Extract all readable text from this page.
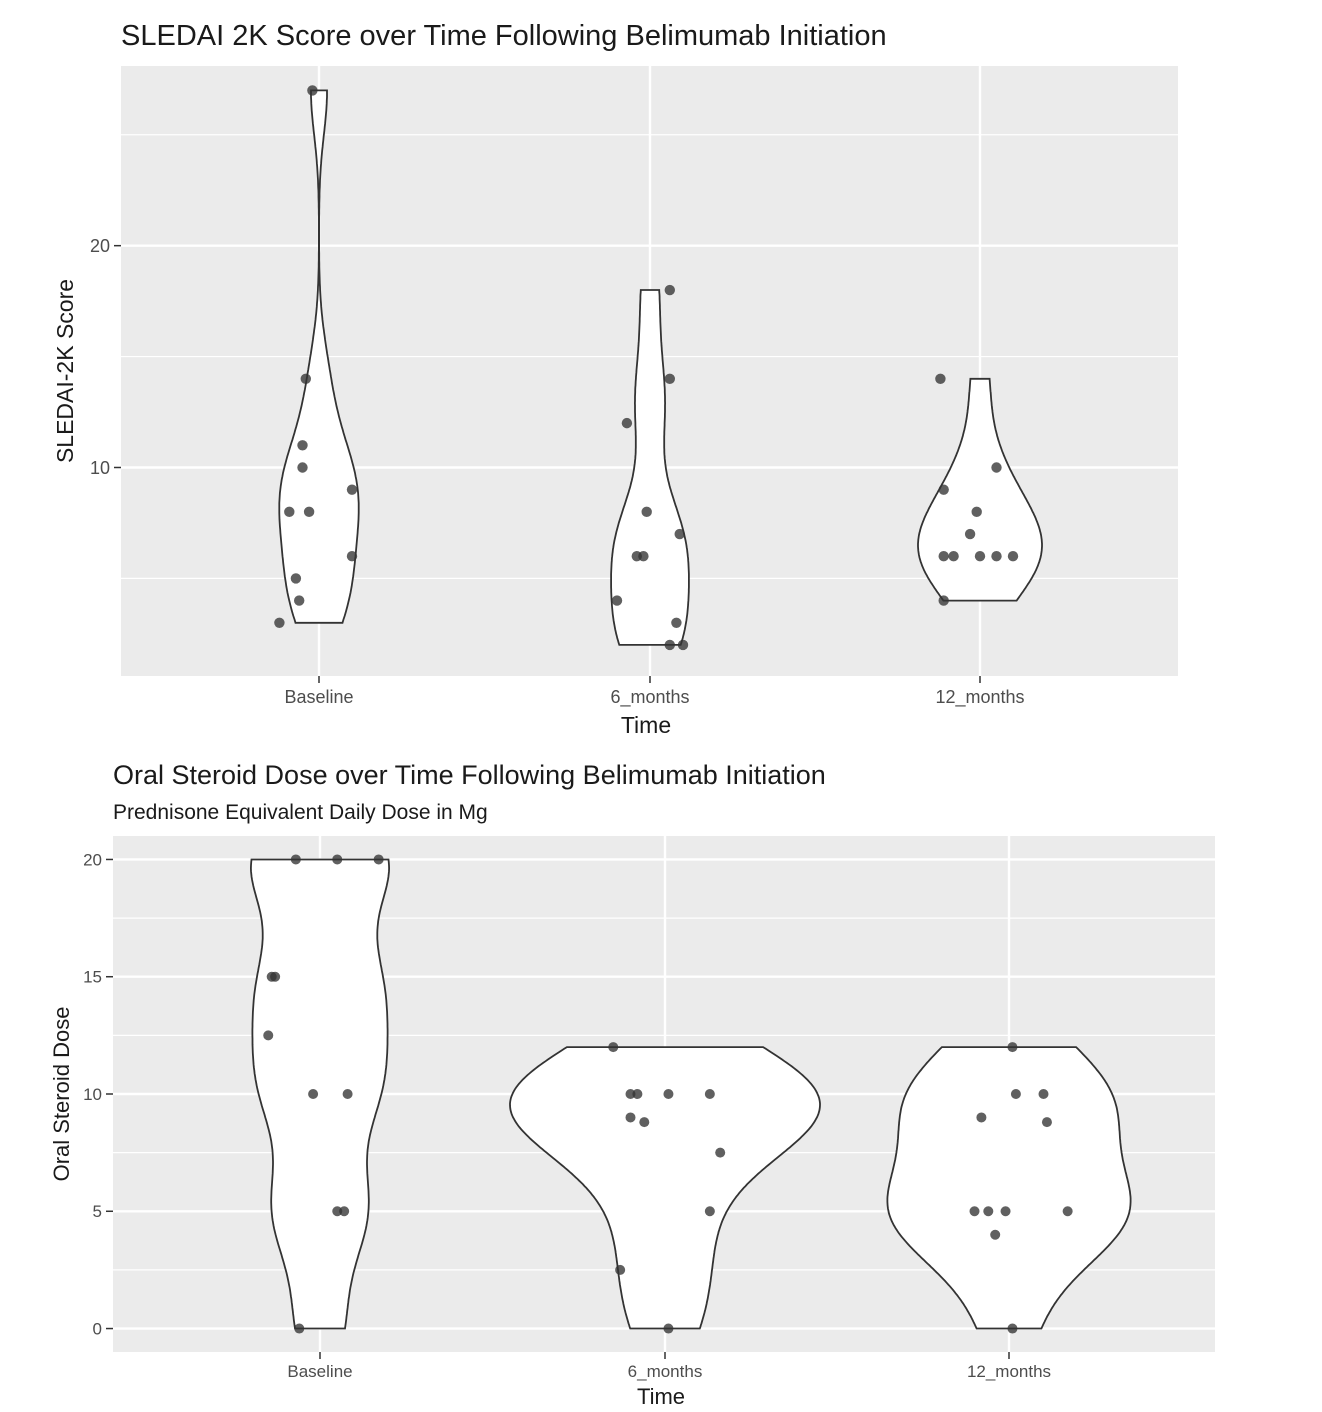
SLEDAI 2K Score over Time Following Belimumab Initiation
10
20
Baseline	6_months	12_months
Time
SLEDAI-2K Score
Oral Steroid Dose over Time Following Belimumab Initiation
Prednisone Equivalent Daily Dose in Mg
0
5
10
15
20
Baseline	6_months	12_months
Time
Oral Steroid Dose
